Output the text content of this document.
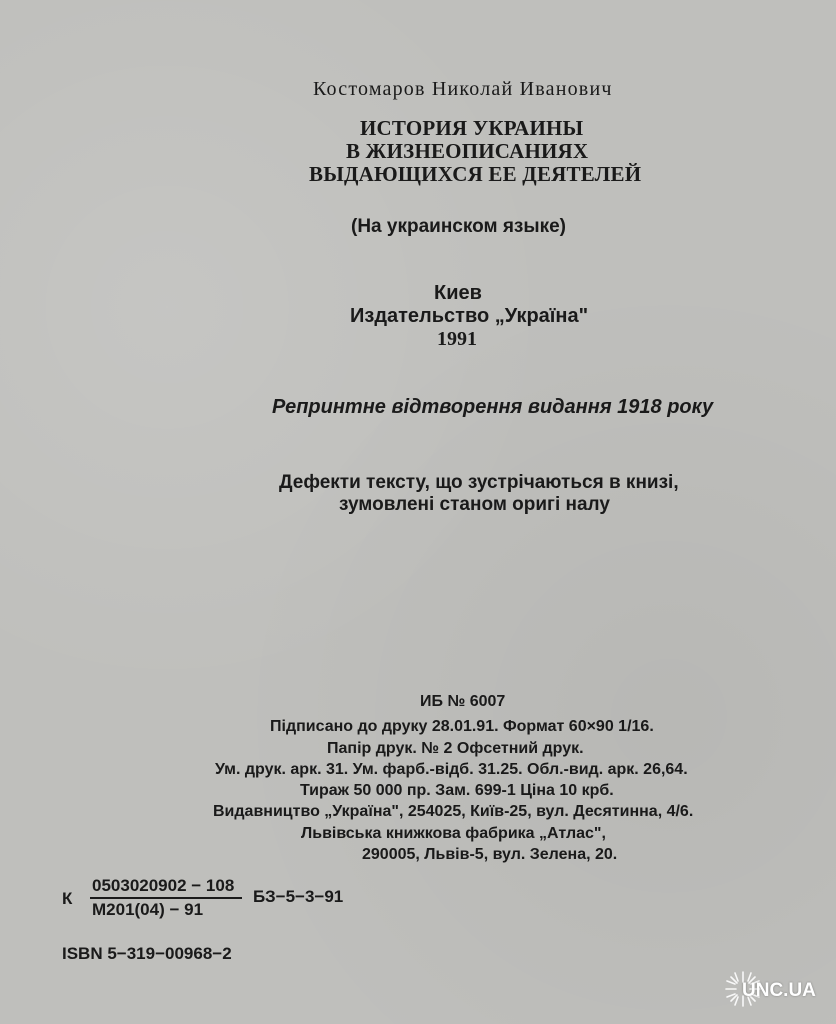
Костомаров Николай Иванович
ИСТОРИЯ УКРАИНЫ
В ЖИЗНЕОПИСАНИЯХ
ВЫДАЮЩИХСЯ ЕЕ ДЕЯТЕЛЕЙ
(На украинском языке)
Киев
Издательство „Україна"
1991
Репринтне відтворення видання 1918 року
Дефекти тексту, що зустрічаються в книзі,
зумовлені станом оригі налу
ИБ № 6007
Підписано до друку 28.01.91. Формат 60×90 1/16.
Папір друк. № 2 Офсетний друк.
Ум. друк. арк. 31. Ум. фарб.-відб. 31.25. Обл.-вид. арк. 26,64.
Тираж 50 000 пр. Зам. 699-1 Ціна 10 крб.
Видавництво „Україна", 254025, Київ-25, вул. Десятинна, 4/6.
Львівська книжкова фабрика „Атлас",
290005, Львів-5, вул. Зелена, 20.
К
0503020902 − 108
М201(04) − 91
БЗ−5−3−91
ISBN 5−319−00968−2
UNC.UA
